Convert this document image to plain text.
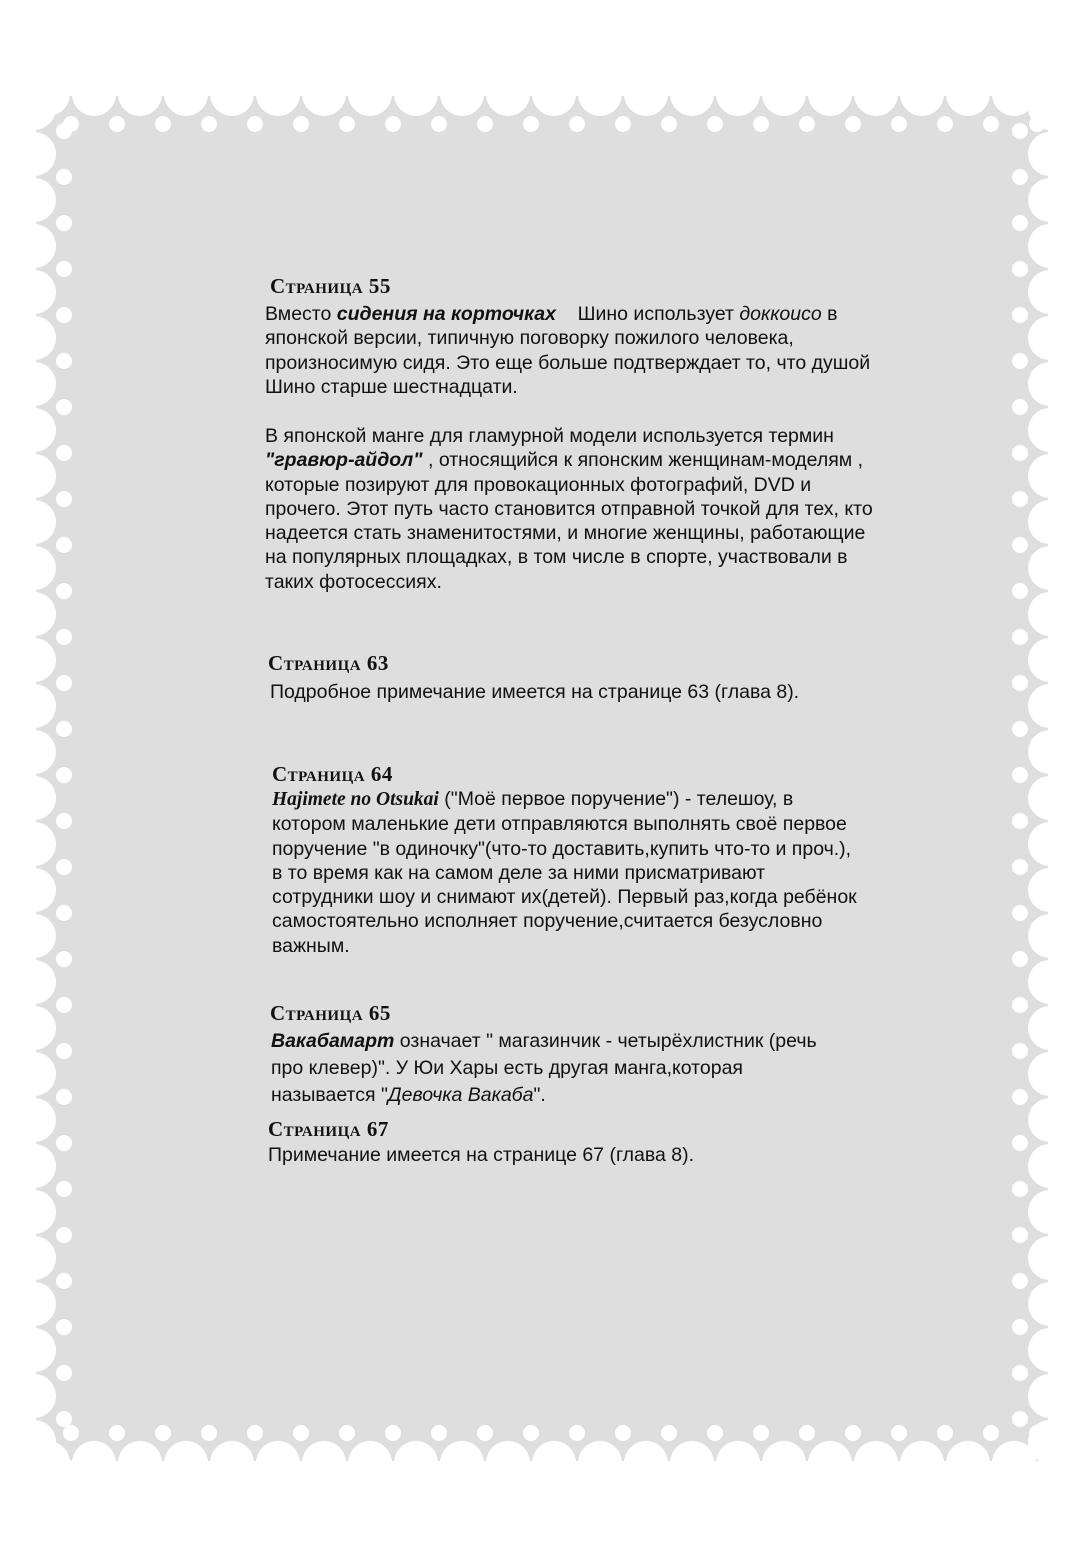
Страница 55
Вместо сидения на корточках    Шино использует доккоисо в японской версии, типичную поговорку пожилого человека, произносимую сидя. Это еще больше подтверждает то, что душой Шино старше шестнадцати.
В японской манге для гламурной модели используется термин "гравюр-айдол" , относящийся к японским женщинам-моделям , которые позируют для провокационных фотографий, DVD и прочего. Этот путь часто становится отправной точкой для тех, кто надеется стать знаменитостями, и многие женщины, работающие на популярных площадках, в том числе в спорте, участвовали в таких фотосессиях.
Страница 63
Подробное примечание имеется на странице 63 (глава 8).
Страница 64
Hajimete no Otsukai ("Моё первое поручение") - телешоу, в котором маленькие дети отправляются выполнять своё первое поручение "в одиночку"(что-то доставить,купить что-то и проч.), в то время как на самом деле за ними присматривают сотрудники шоу и снимают их(детей). Первый раз,когда ребёнок самостоятельно исполняет поручение,считается безусловно важным.
Страница 65
Вакабамарт означает " магазинчик - четырёхлистник (речь про клевер)". У Юи Хары есть другая манга,которая называется "Девочка Вакаба".
Страница 67
Примечание имеется на странице 67 (глава 8).
